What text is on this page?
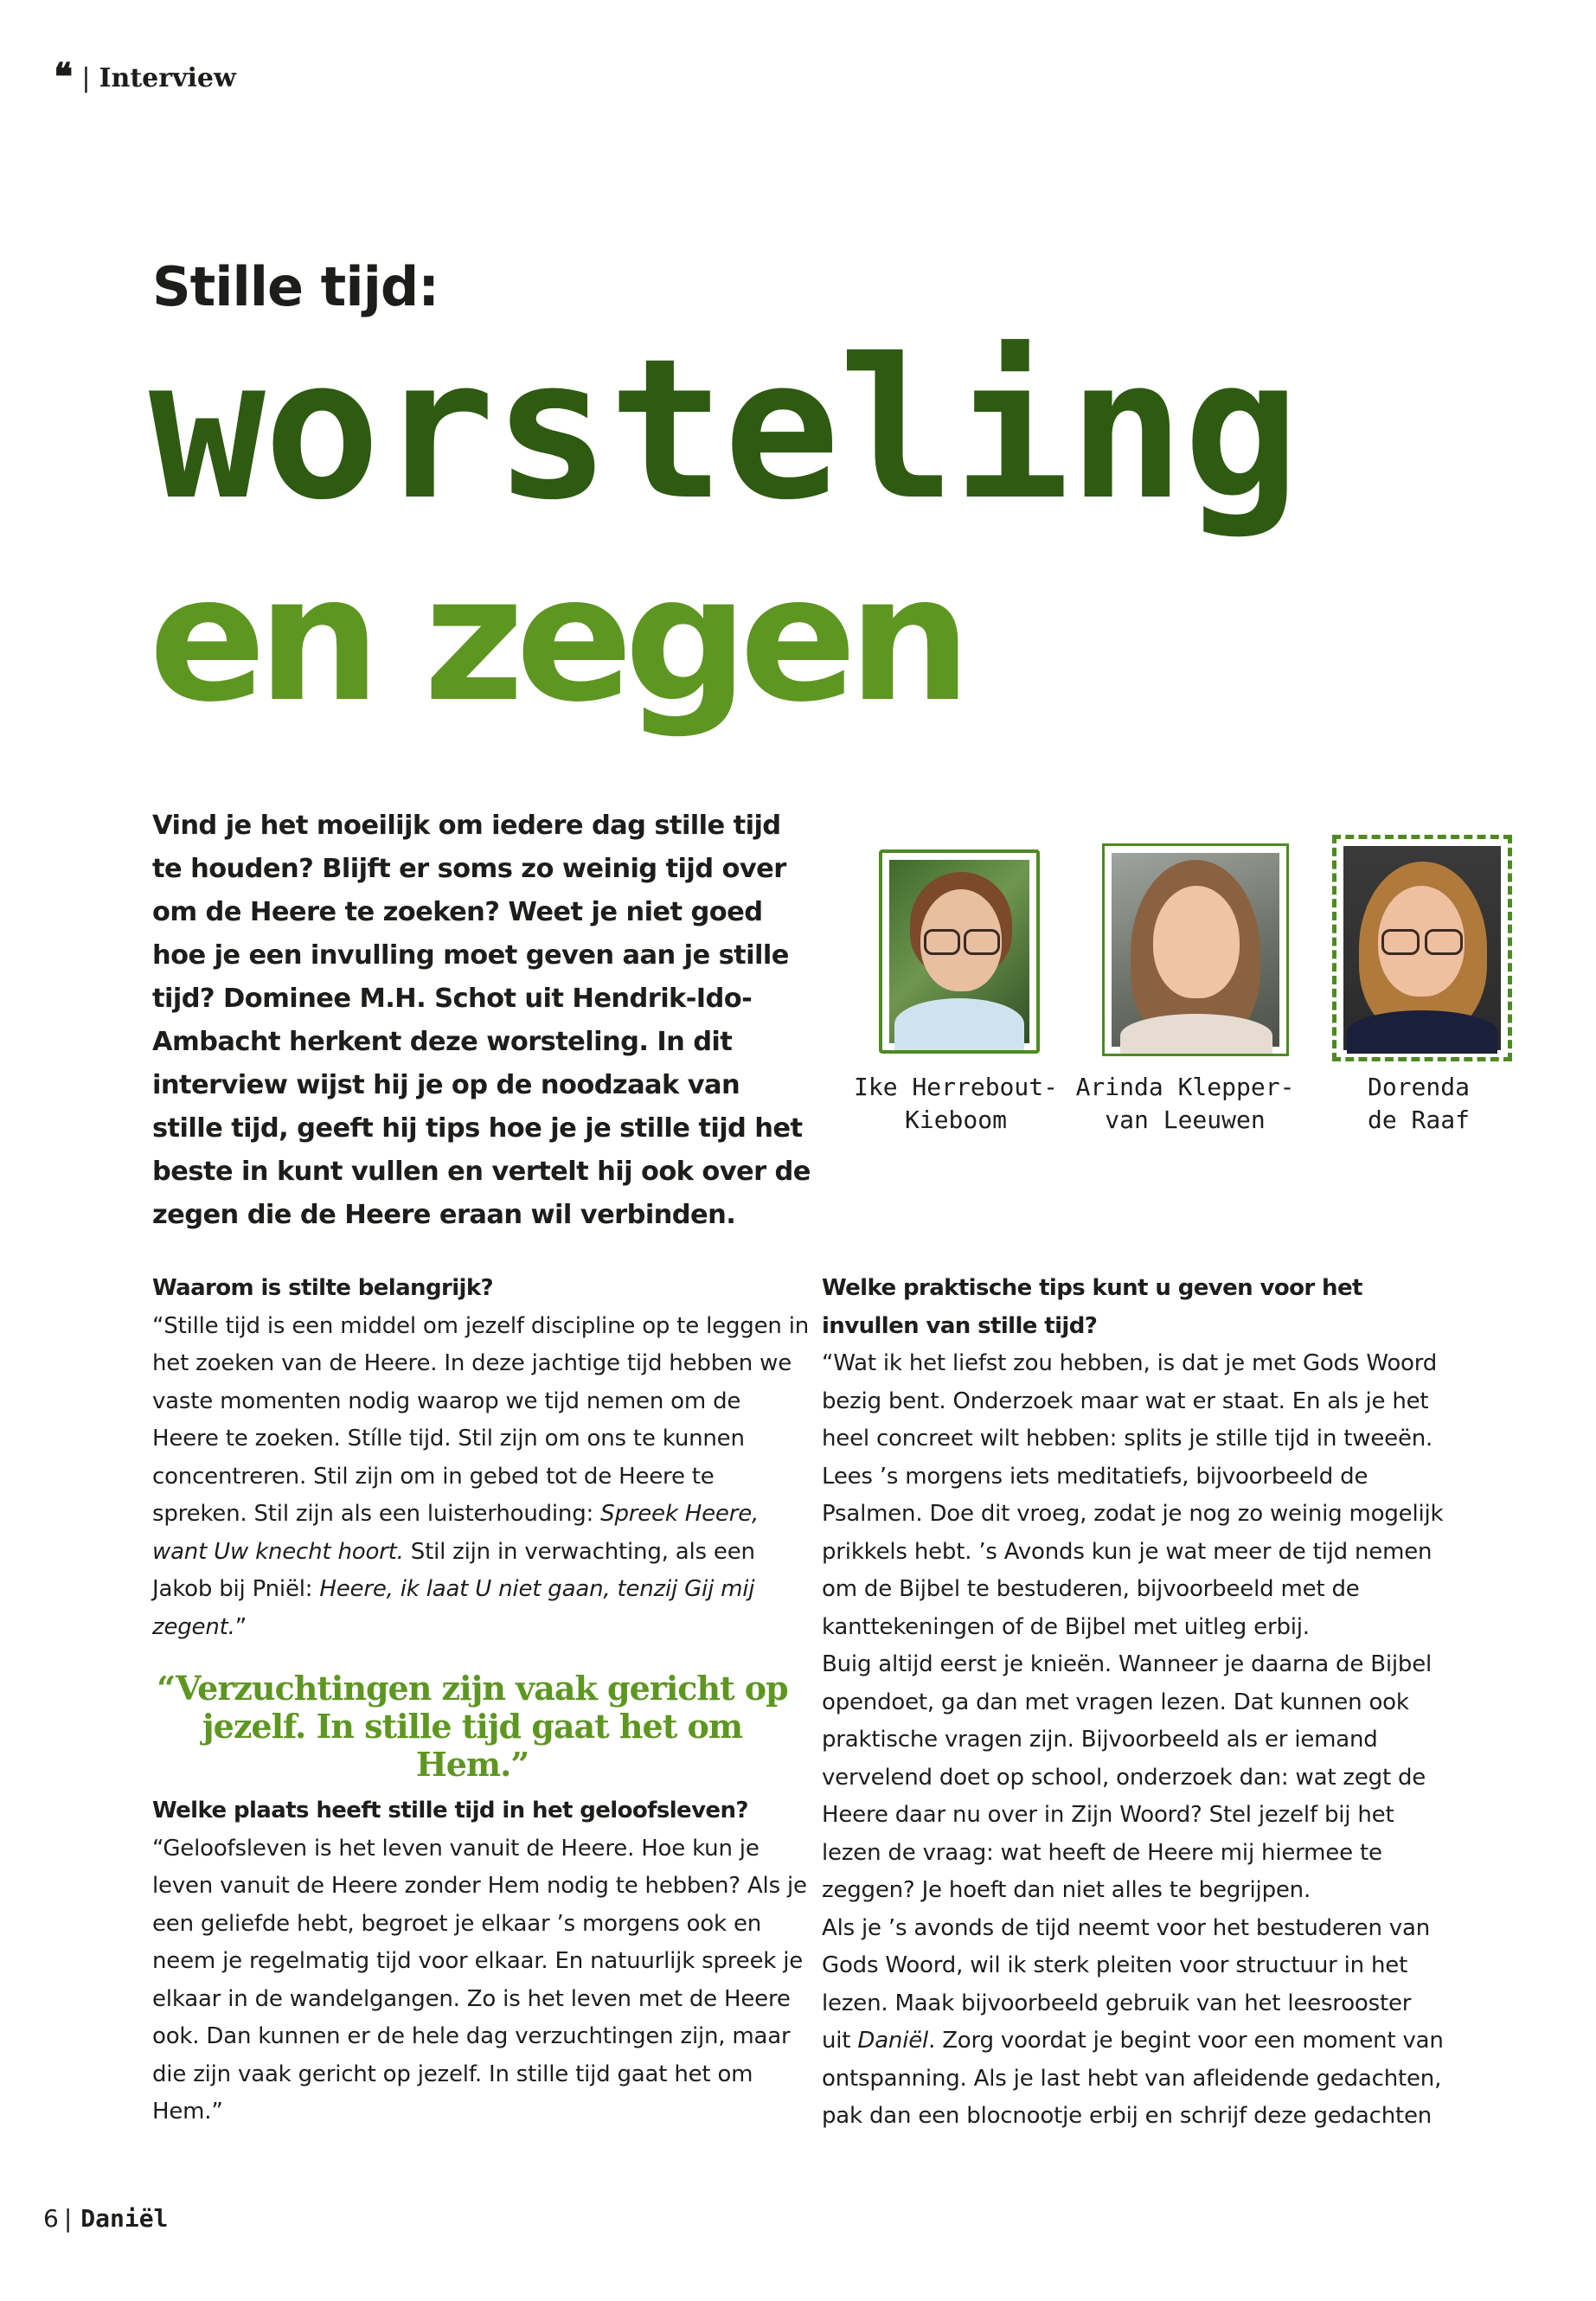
❛❛ | Interview
Stille tijd:
worsteling
en zegen

Vind je het moeilijk om iedere dag stille tijd te houden? Blijft er soms zo weinig tijd over om de Heere te zoeken? Weet je niet goed hoe je een invulling moet geven aan je stille tijd? Dominee M.H. Schot uit Hendrik-Ido-Ambacht herkent deze worsteling. In dit interview wijst hij je op de noodzaak van stille tijd, geeft hij tips hoe je je stille tijd het beste in kunt vullen en vertelt hij ook over de zegen die de Heere eraan wil verbinden.

Ike Herrebout-
Kieboom
Arinda Klepper-
van Leeuwen
Dorenda
de Raaf

Waarom is stilte belangrijk?

“Stille tijd is een middel om jezelf discipline op te leggen in het zoeken van de Heere. In deze jachtige tijd hebben we vaste momenten nodig waarop we tijd nemen om de Heere te zoeken. Stílle tijd. Stil zijn om ons te kunnen concentreren. Stil zijn om in gebed tot de Heere te spreken. Stil zijn als een luisterhouding: Spreek Heere, want Uw knecht hoort. Stil zijn in verwachting, als een Jakob bij Pniël: Heere, ik laat U niet gaan, tenzij Gij mij zegent.”

“Verzuchtingen zijn vaak gericht op jezelf. In stille tijd gaat het om Hem.”

Welke plaats heeft stille tijd in het geloofsleven?

“Geloofsleven is het leven vanuit de Heere. Hoe kun je leven vanuit de Heere zonder Hem nodig te hebben? Als je een geliefde hebt, begroet je elkaar ’s morgens ook en neem je regelmatig tijd voor elkaar. En natuurlijk spreek je elkaar in de wandelgangen. Zo is het leven met de Heere ook. Dan kunnen er de hele dag verzuchtingen zijn, maar die zijn vaak gericht op jezelf. In stille tijd gaat het om Hem.”

Welke praktische tips kunt u geven voor het invullen van stille tijd?

“Wat ik het liefst zou hebben, is dat je met Gods Woord bezig bent. Onderzoek maar wat er staat. En als je het heel concreet wilt hebben: splits je stille tijd in tweeën. Lees ’s morgens iets meditatiefs, bijvoorbeeld de Psalmen. Doe dit vroeg, zodat je nog zo weinig mogelijk prikkels hebt. ’s Avonds kun je wat meer de tijd nemen om de Bijbel te bestuderen, bijvoorbeeld met de kanttekeningen of de Bijbel met uitleg erbij.

Buig altijd eerst je knieën. Wanneer je daarna de Bijbel opendoet, ga dan met vragen lezen. Dat kunnen ook praktische vragen zijn. Bijvoorbeeld als er iemand vervelend doet op school, onderzoek dan: wat zegt de Heere daar nu over in Zijn Woord? Stel jezelf bij het lezen de vraag: wat heeft de Heere mij hiermee te zeggen? Je hoeft dan niet alles te begrijpen.

Als je ’s avonds de tijd neemt voor het bestuderen van Gods Woord, wil ik sterk pleiten voor structuur in het lezen. Maak bijvoorbeeld gebruik van het leesrooster uit Daniël. Zorg voordat je begint voor een moment van ontspanning. Als je last hebt van afleidende gedachten, pak dan een blocnootje erbij en schrijf deze gedachten

6 | Daniël
